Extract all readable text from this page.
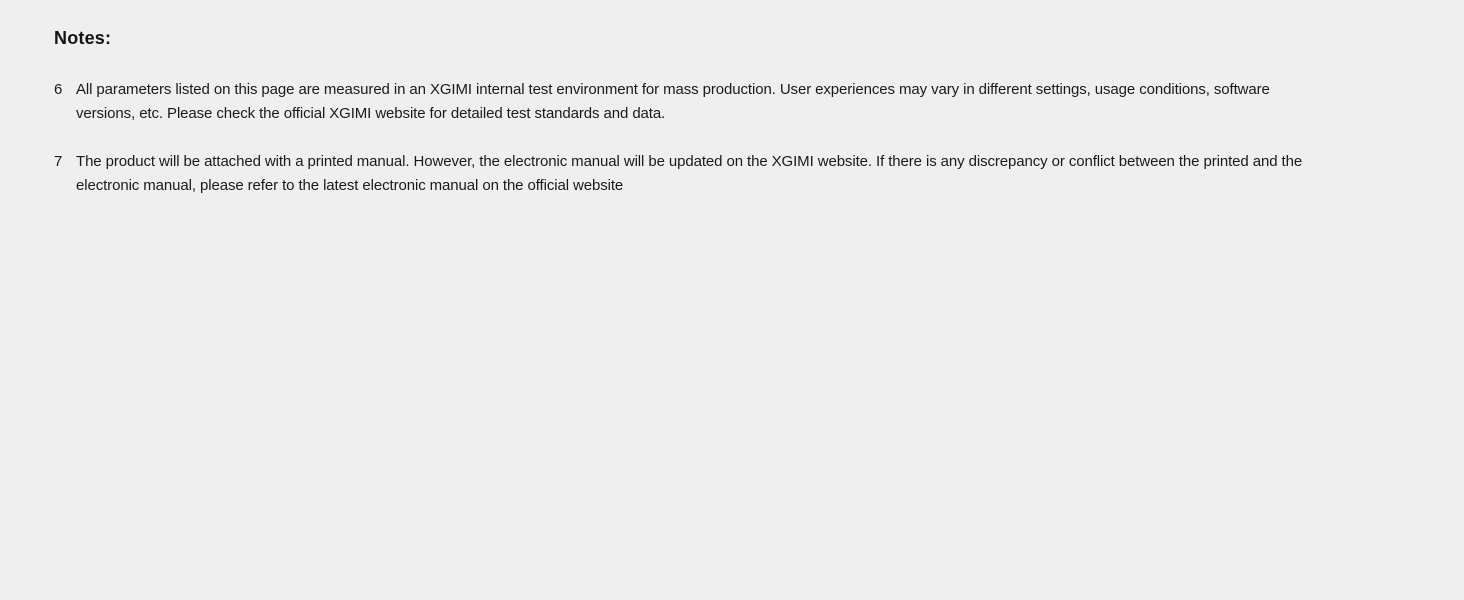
Notes:
6 All parameters listed on this page are measured in an XGIMI internal test environment for mass production. User experiences may vary in different settings, usage conditions, software
versions, etc. Please check the official XGIMI website for detailed test standards and data.
7 The product will be attached with a printed manual. However, the electronic manual will be updated on the XGIMI website. If there is any discrepancy or conflict between the printed and the
electronic manual, please refer to the latest electronic manual on the official website
